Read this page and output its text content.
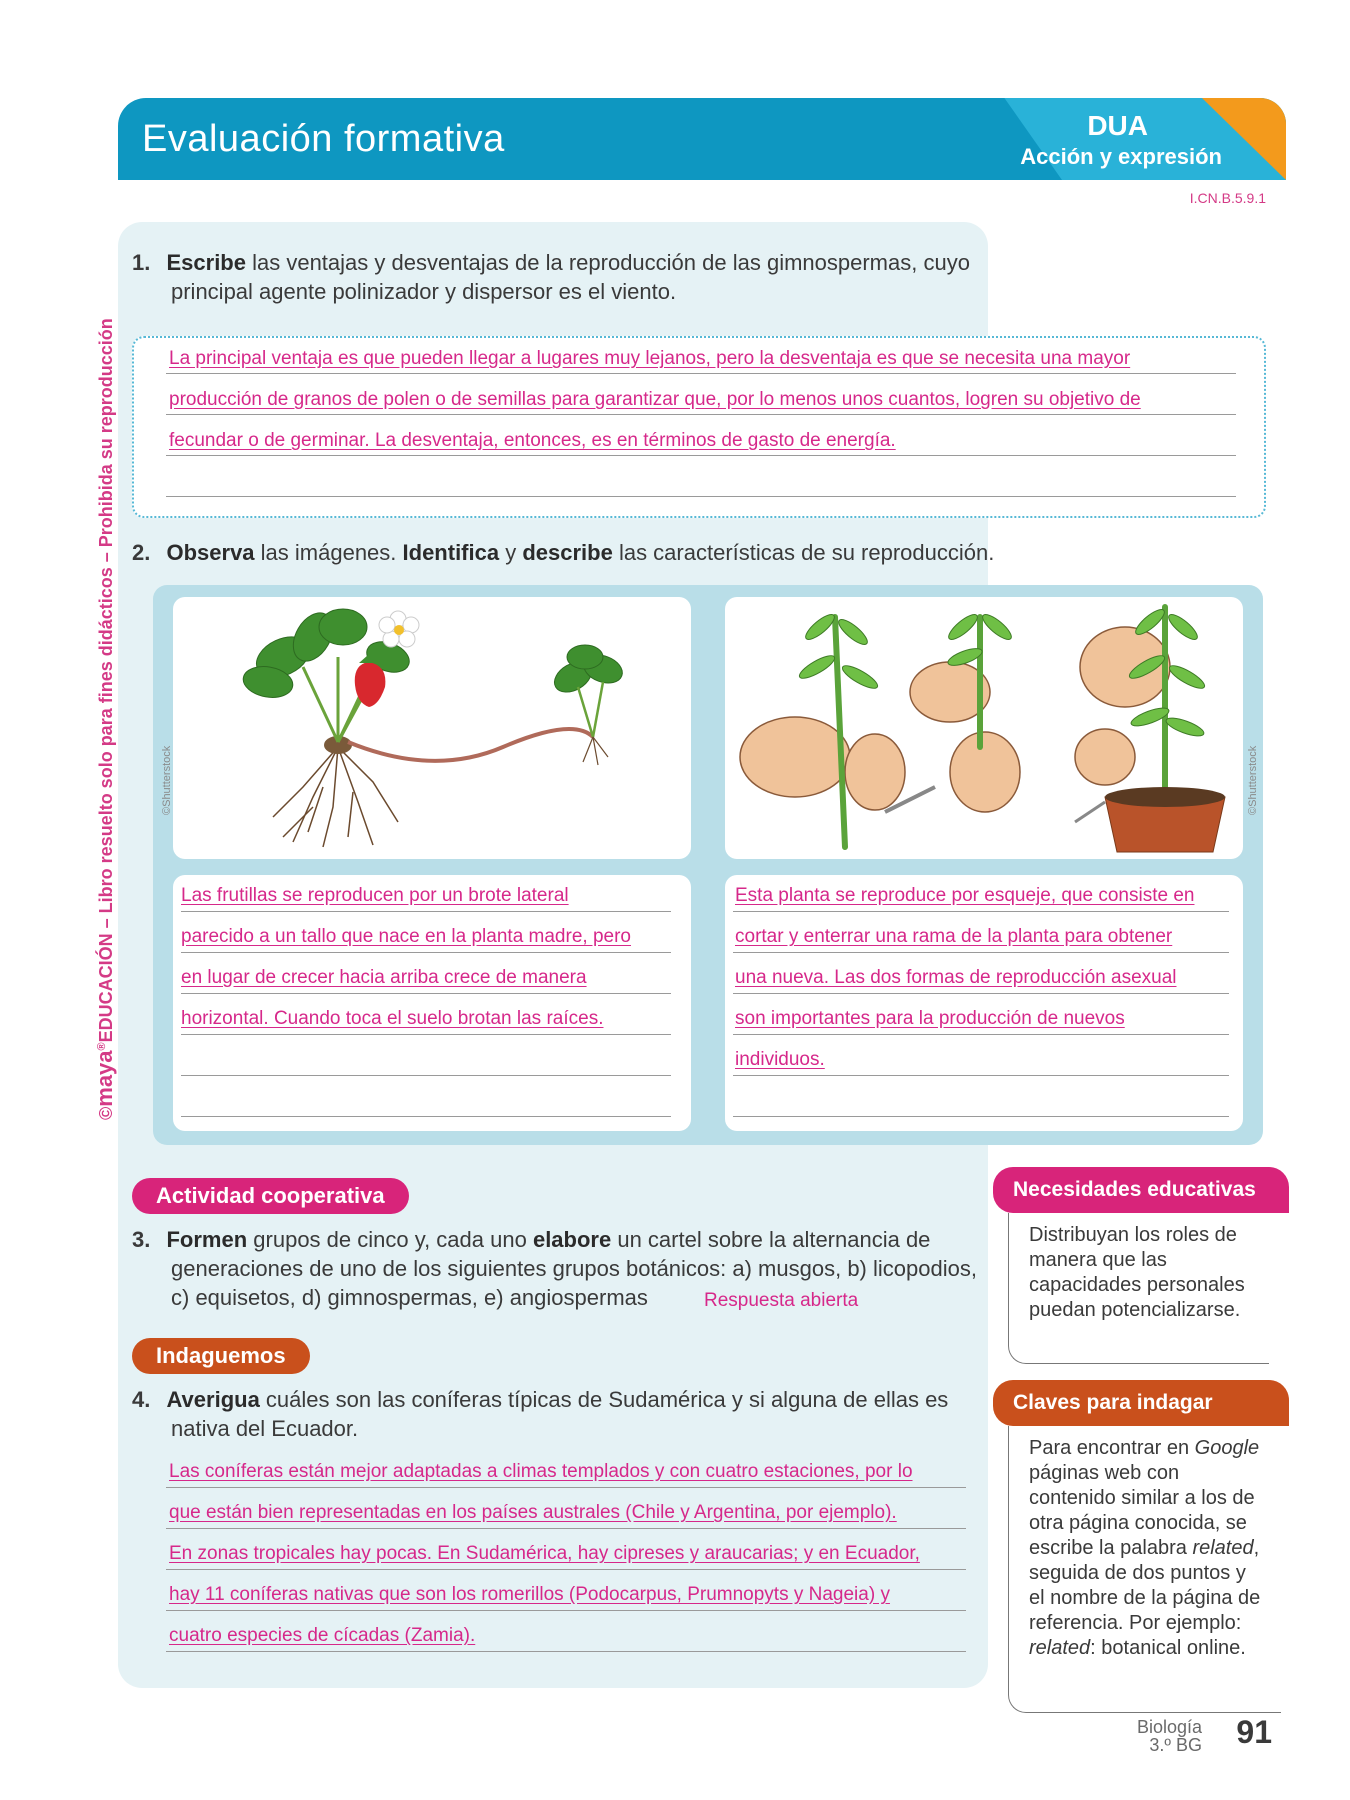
Evaluación formativa	DUA
Acción y expresión
I.CN.B.5.9.1
©maya®EDUCACIÓN – Libro resuelto solo para fines didácticos – Prohibida su reproducción
1. Escribe las ventajas y desventajas de la reproducción de las gimnospermas, cuyo
principal agente polinizador y dispersor es el viento.
La principal ventaja es que pueden llegar a lugares muy lejanos, pero la desventaja es que se necesita una mayor
producción de granos de polen o de semillas para garantizar que, por lo menos unos cuantos, logren su objetivo de
fecundar o de germinar. La desventaja, entonces, es en términos de gasto de energía.
2. Observa las imágenes. Identifica y describe las características de su reproducción.
©Shutterstock	©Shutterstock
Las frutillas se reproducen por un brote lateral
parecido a un tallo que nace en la planta madre, pero
en lugar de crecer hacia arriba crece de manera
horizontal. Cuando toca el suelo brotan las raíces.
Esta planta se reproduce por esqueje, que consiste en
cortar y enterrar una rama de la planta para obtener
una nueva. Las dos formas de reproducción asexual
son importantes para la producción de nuevos
individuos.
Actividad cooperativa
3. Formen grupos de cinco y, cada uno elabore un cartel sobre la alternancia de
generaciones de uno de los siguientes grupos botánicos: a) musgos, b) licopodios,
c) equisetos, d) gimnospermas, e) angiospermas	Respuesta abierta
Indaguemos
4. Averigua cuáles son las coníferas típicas de Sudamérica y si alguna de ellas es
nativa del Ecuador.
Las coníferas están mejor adaptadas a climas templados y con cuatro estaciones, por lo
que están bien representadas en los países australes (Chile y Argentina, por ejemplo).
En zonas tropicales hay pocas. En Sudamérica, hay cipreses y araucarias; y en Ecuador,
hay 11 coníferas nativas que son los romerillos (Podocarpus, Prumnopyts y Nageia) y
cuatro especies de cícadas (Zamia).
Necesidades educativas
Distribuyan los roles de
manera que las
capacidades personales
puedan potencializarse.
Claves para indagar
Para encontrar en Google
páginas web con
contenido similar a los de
otra página conocida, se
escribe la palabra related,
seguida de dos puntos y
el nombre de la página de
referencia. Por ejemplo:
related: botanical online.
Biología
3.º BG 91
